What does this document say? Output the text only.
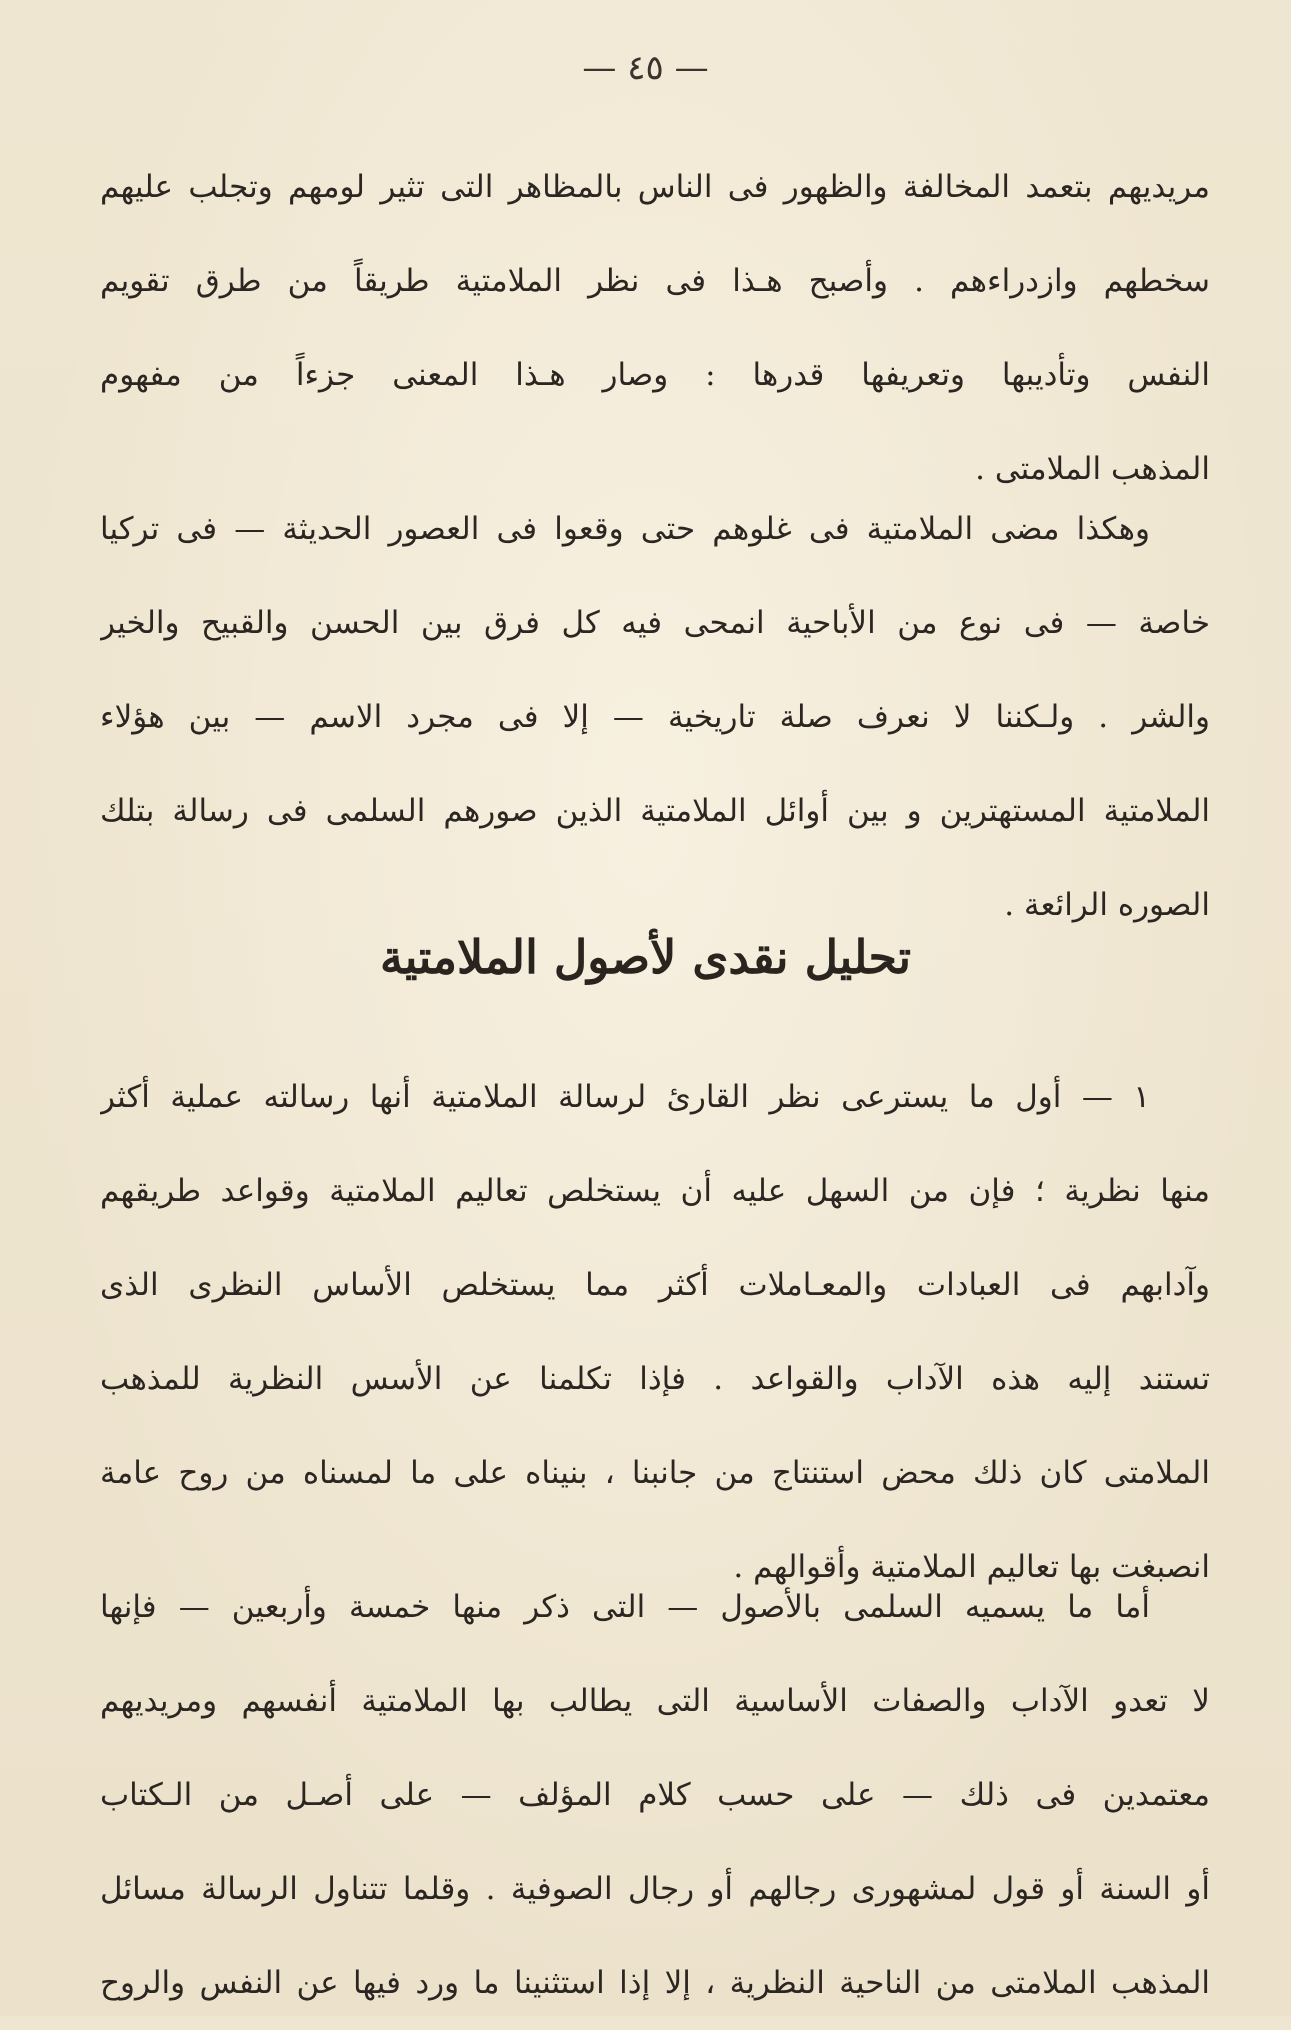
— ٤٥ —
مريديهم بتعمد المخالفة والظهور فى الناس بالمظاهر التى تثير لومهم وتجلب عليهم
سخطهم وازدراءهم . وأصبح هـذا فى نظر الملامتية طريقاً من طرق تقويم
النفس وتأديبها وتعريفها قدرها : وصار هـذا المعنى جزءاً من مفهوم
المذهب الملامتى .
وهكذا مضى الملامتية فى غلوهم حتى وقعوا فى العصور الحديثة — فى تركيا
خاصة — فى نوع من الأباحية انمحى فيه كل فرق بين الحسن والقبيح والخير
والشر . ولـكننا لا نعرف صلة تاريخية — إلا فى مجرد الاسم — بين هؤلاء
الملامتية المستهترين و بين أوائل الملامتية الذين صورهم السلمى فى رسالة بتلك
الصوره الرائعة .
تحليل نقدى لأصول الملامتية
١ — أول ما يسترعى نظر القارئ لرسالة الملامتية أنها رسالته عملية أكثر
منها نظرية ؛ فإن من السهل عليه أن يستخلص تعاليم الملامتية وقواعد طريقهم
وآدابهم فى العبادات والمعـاملات أكثر مما يستخلص الأساس النظرى الذى
تستند إليه هذه الآداب والقواعد . فإذا تكلمنا عن الأسس النظرية للمذهب
الملامتى كان ذلك محض استنتاج من جانبنا ، بنيناه على ما لمسناه من روح عامة
انصبغت بها تعاليم الملامتية وأقوالهم .
أما ما يسميه السلمى بالأصول — التى ذكر منها خمسة وأربعين — فإنها
لا تعدو الآداب والصفات الأساسية التى يطالب بها الملامتية أنفسهم ومريديهم
معتمدين فى ذلك — على حسب كلام المؤلف — على أصـل من الـكتاب
أو السنة أو قول لمشهورى رجالهم أو رجال الصوفية . وقلما تتناول الرسالة مسائل
المذهب الملامتى من الناحية النظرية ، إلا إذا استثنينا ما ورد فيها عن النفس والروح
